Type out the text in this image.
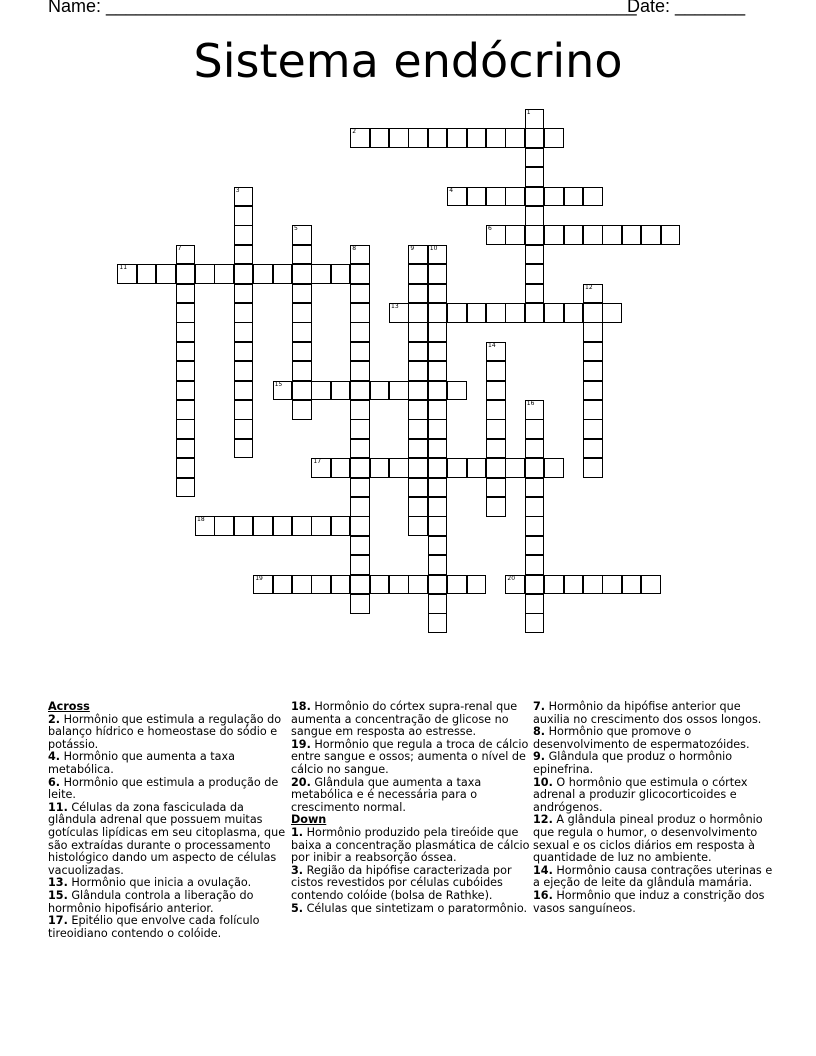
Name: _____________________________________________________
Date: _______
Sistema endócrino
1
2
3	4
5	6
7	8	9	10
11
12
13
14
15
16
17
18
19	20
Across
2. Hormônio que estimula a regulação do balanço hídrico e homeostase do sódio e potássio.
4. Hormônio que aumenta a taxa metabólica.
6. Hormônio que estimula a produção de leite.
11. Células da zona fasciculada da glândula adrenal que possuem muitas gotículas lipídicas em seu citoplasma, que são extraídas durante o processamento histológico dando um aspecto de células vacuolizadas.
13. Hormônio que inicia a ovulação.
15. Glândula controla a liberação do hormônio hipofisário anterior.
17. Epitélio que envolve cada folículo tireoidiano contendo o colóide.
18. Hormônio do córtex supra-renal que aumenta a concentração de glicose no sangue em resposta ao estresse.
19. Hormônio que regula a troca de cálcio entre sangue e ossos; aumenta o nível de cálcio no sangue.
20. Glândula que aumenta a taxa metabólica e é necessária para o crescimento normal.
Down
1. Hormônio produzido pela tireóide que baixa a concentração plasmática de cálcio por inibir a reabsorção óssea.
3. Região da hipófise caracterizada por cistos revestidos por células cubóides contendo colóide (bolsa de Rathke).
5. Células que sintetizam o paratormônio.
7. Hormônio da hipófise anterior que auxilia no crescimento dos ossos longos.
8. Hormônio que promove o desenvolvimento de espermatozóides.
9. Glândula que produz o hormônio epinefrina.
10. O hormônio que estimula o córtex adrenal a produzir glicocorticoides e andrógenos.
12. A glândula pineal produz o hormônio que regula o humor, o desenvolvimento sexual e os ciclos diários em resposta à quantidade de luz no ambiente.
14. Hormônio causa contrações uterinas e a ejeção de leite da glândula mamária.
16. Hormônio que induz a constrição dos vasos sanguíneos.
